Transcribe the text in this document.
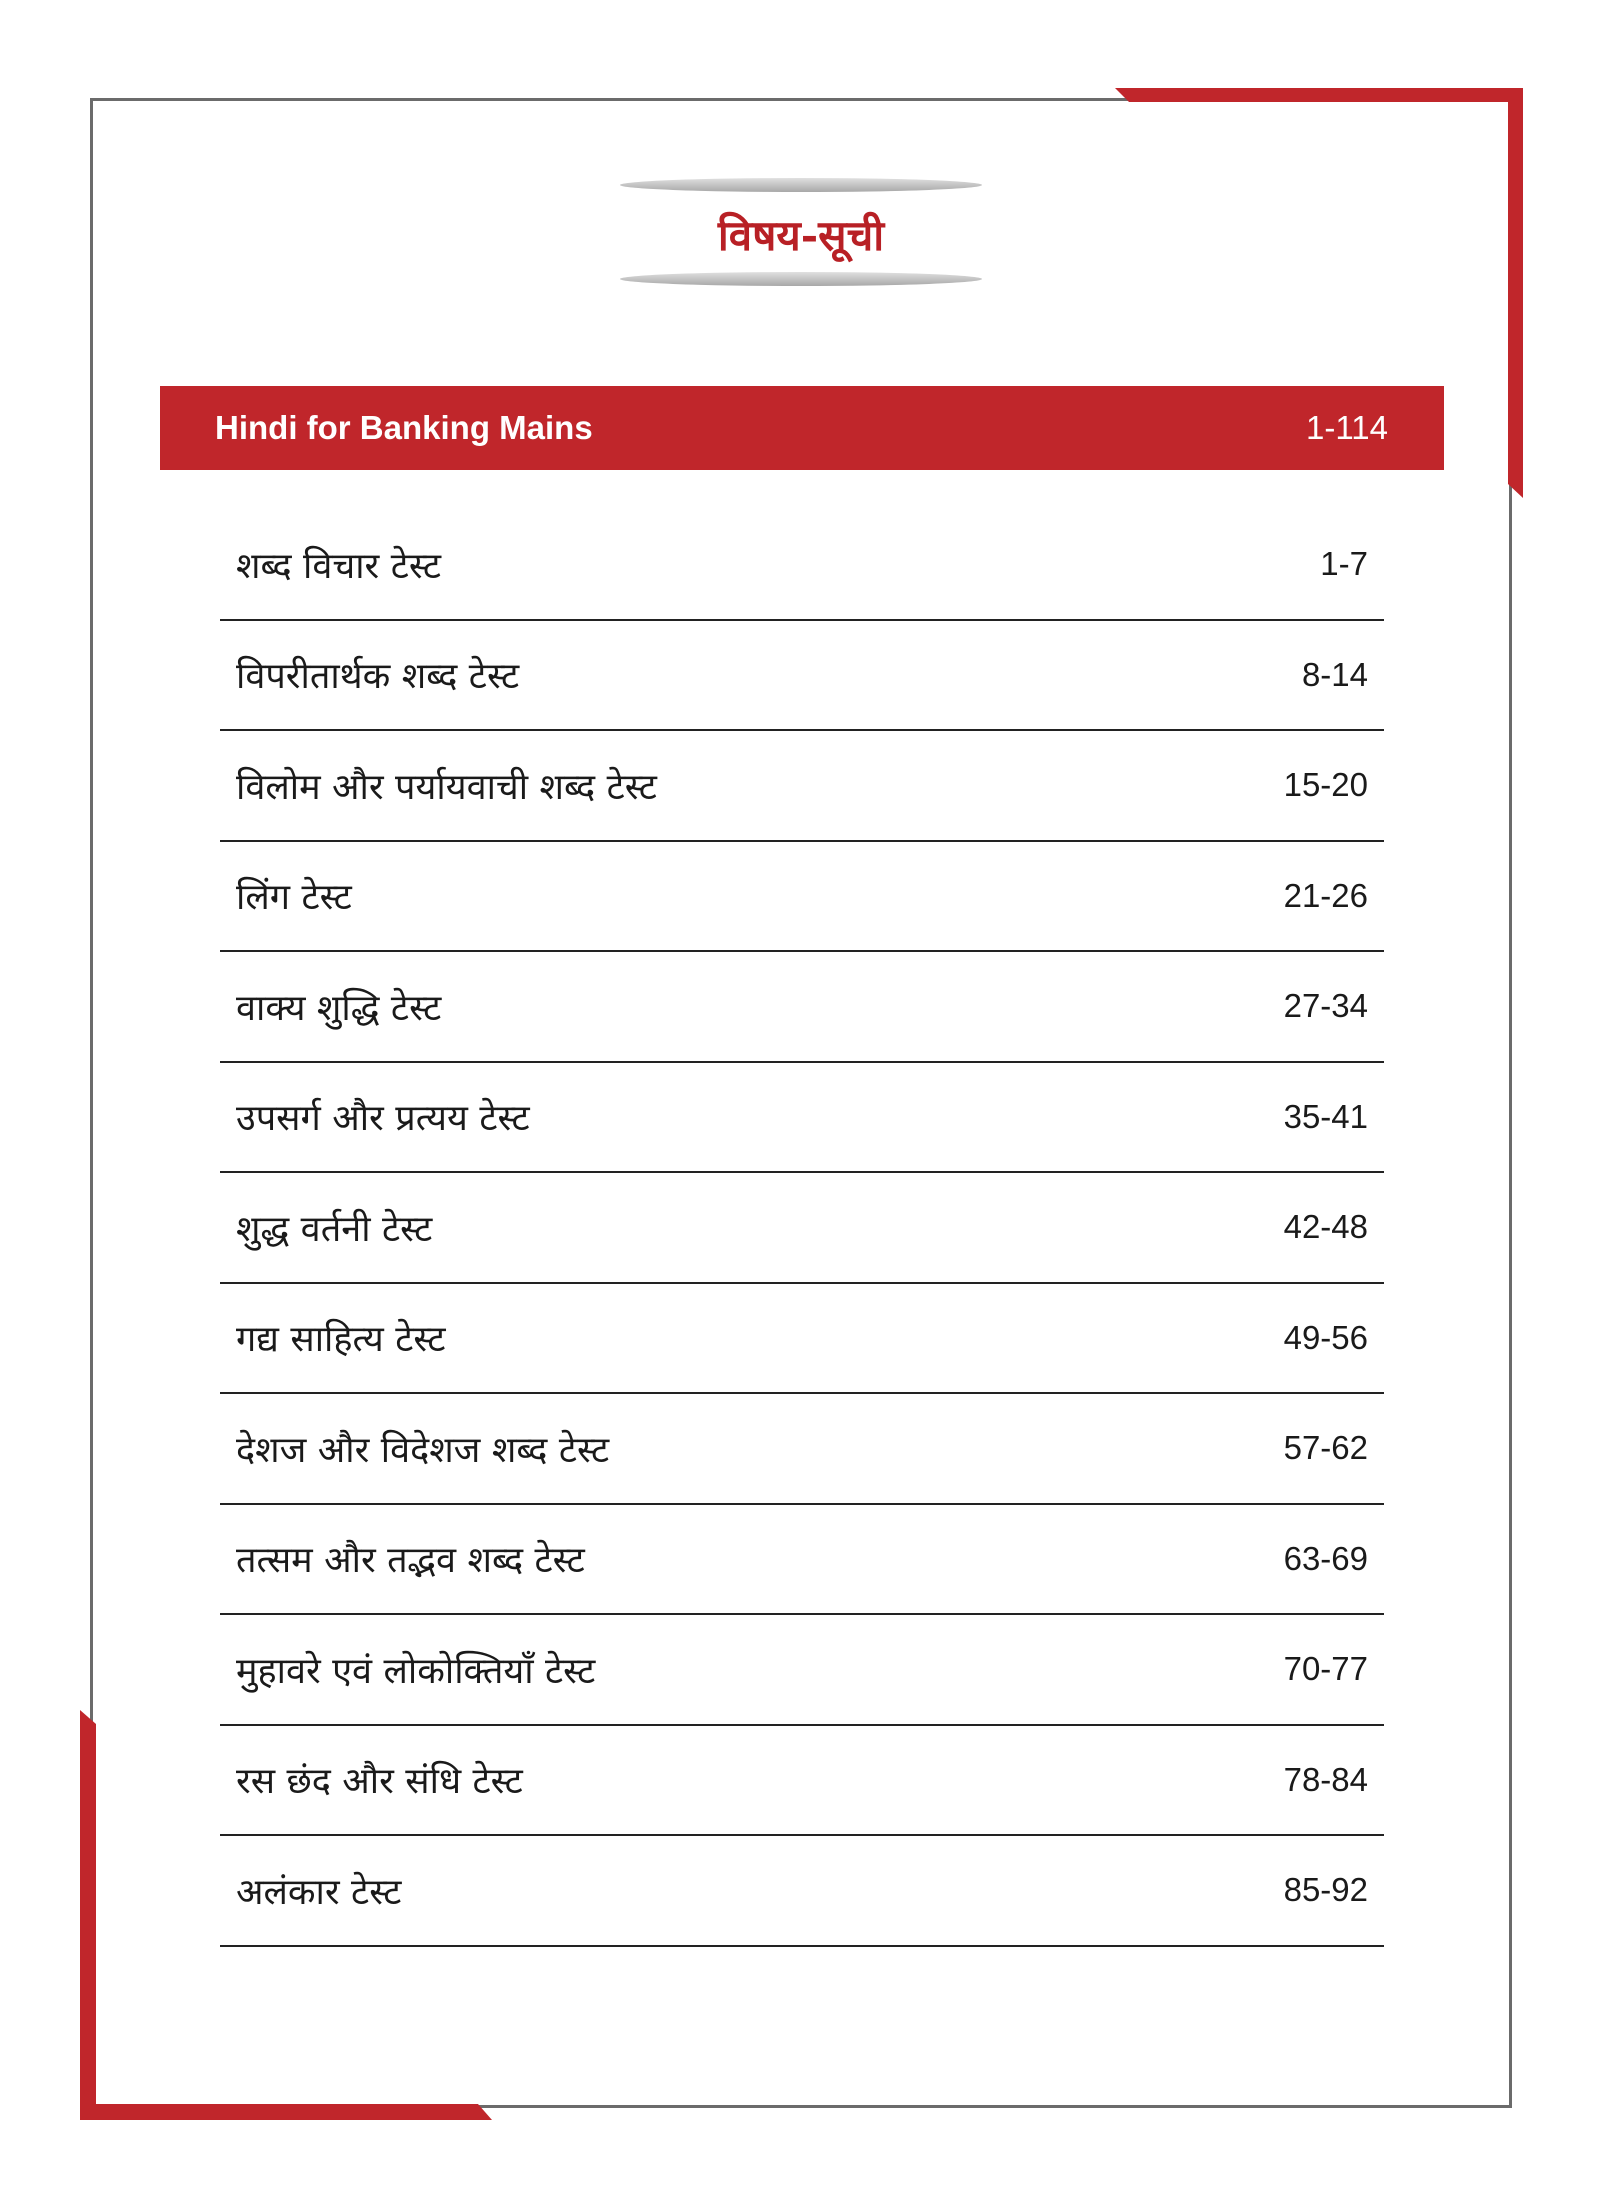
विषय-सूची
Hindi for Banking Mains	1-114
शब्द विचार टेस्ट	1-7
विपरीतार्थक शब्द टेस्ट	8-14
विलोम और पर्यायवाची शब्द टेस्ट	15-20
लिंग टेस्ट	21-26
वाक्य शुद्धि टेस्ट	27-34
उपसर्ग और प्रत्यय टेस्ट	35-41
शुद्ध वर्तनी टेस्ट	42-48
गद्य साहित्य टेस्ट	49-56
देशज और विदेशज शब्द टेस्ट	57-62
तत्सम और तद्भव शब्द टेस्ट	63-69
मुहावरे एवं लोकोक्तियाँ टेस्ट	70-77
रस छंद और संधि टेस्ट	78-84
अलंकार टेस्ट	85-92
